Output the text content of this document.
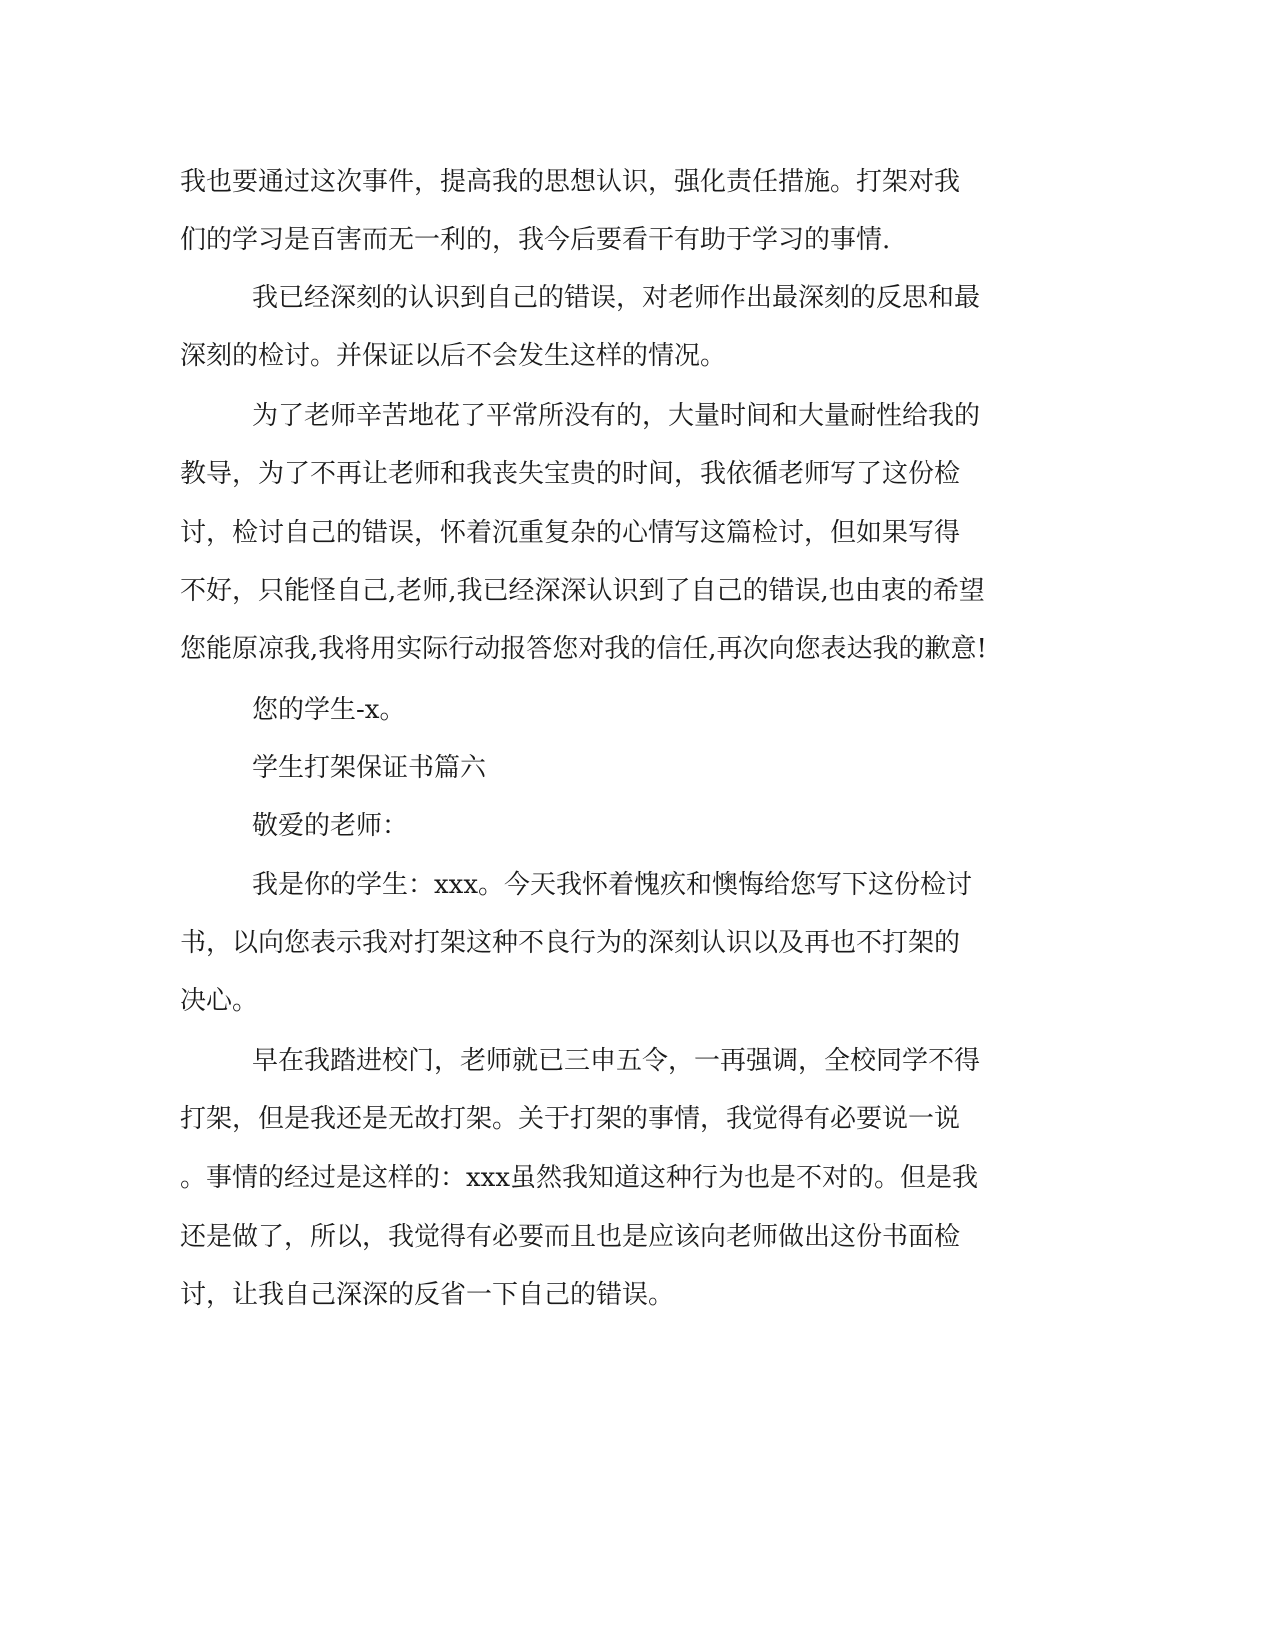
我也要通过这次事件，提高我的思想认识，强化责任措施。打架对我
们的学习是百害而无一利的，我今后要看干有助于学习的事情.
我已经深刻的认识到自己的错误，对老师作出最深刻的反思和最
深刻的检讨。并保证以后不会发生这样的情况。
为了老师辛苦地花了平常所没有的，大量时间和大量耐性给我的
教导，为了不再让老师和我丧失宝贵的时间，我依循老师写了这份检
讨，检讨自己的错误，怀着沉重复杂的心情写这篇检讨，但如果写得
不好，只能怪自己,老师,我已经深深认识到了自己的错误,也由衷的希望
您能原凉我,我将用实际行动报答您对我的信任,再次向您表达我的歉意!
您的学生-x。
学生打架保证书篇六
敬爱的老师：
我是你的学生：xxx。今天我怀着愧疚和懊悔给您写下这份检讨
书，以向您表示我对打架这种不良行为的深刻认识以及再也不打架的
决心。
早在我踏进校门，老师就已三申五令，一再强调，全校同学不得
打架，但是我还是无故打架。关于打架的事情，我觉得有必要说一说
。事情的经过是这样的：xxx虽然我知道这种行为也是不对的。但是我
还是做了，所以，我觉得有必要而且也是应该向老师做出这份书面检
讨，让我自己深深的反省一下自己的错误。
